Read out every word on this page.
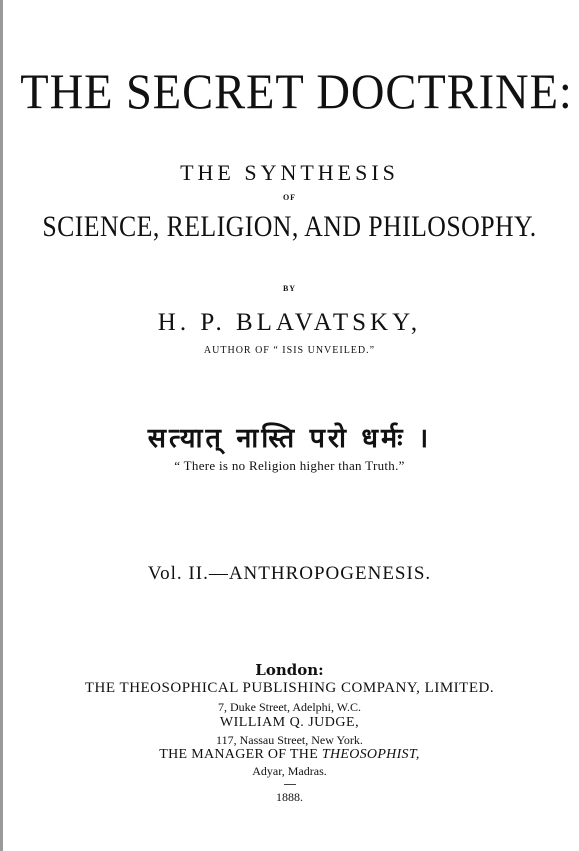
THE SECRET DOCTRINE:
THE SYNTHESIS
OF
SCIENCE, RELIGION, AND PHILOSOPHY.
BY
H. P. BLAVATSKY,
AUTHOR OF “ ISIS UNVEILED.”
सत्यात् नास्ति परो धर्मः ।
“ There is no Religion higher than Truth.”
Vol. II.—ANTHROPOGENESIS.
London:
THE THEOSOPHICAL PUBLISHING COMPANY, LIMITED.
7, Duke Street, Adelphi, W.C.
WILLIAM Q. JUDGE,
117, Nassau Street, New York.
THE MANAGER OF THE THEOSOPHIST,
Adyar, Madras.
1888.
